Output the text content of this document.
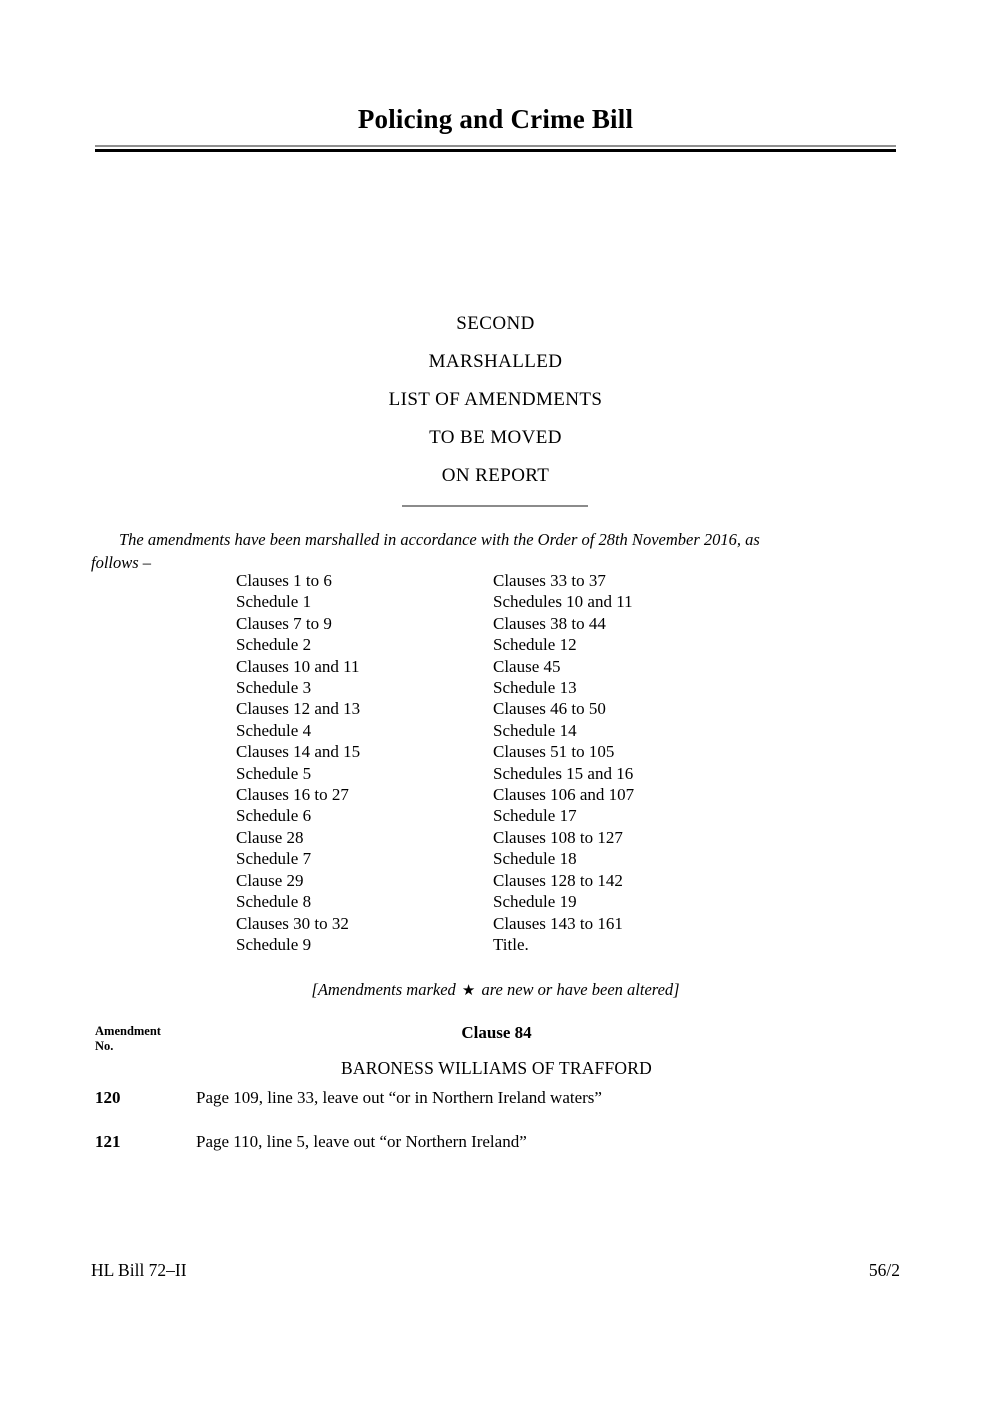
Policing and Crime Bill
SECOND
MARSHALLED
LIST OF AMENDMENTS
TO BE MOVED
ON REPORT
The amendments have been marshalled in accordance with the Order of 28th November 2016, as
follows –
Clauses 1 to 6
Schedule 1
Clauses 7 to 9
Schedule 2
Clauses 10 and 11
Schedule 3
Clauses 12 and 13
Schedule 4
Clauses 14 and 15
Schedule 5
Clauses 16 to 27
Schedule 6
Clause 28
Schedule 7
Clause 29
Schedule 8
Clauses 30 to 32
Schedule 9
Clauses 33 to 37
Schedules 10 and 11
Clauses 38 to 44
Schedule 12
Clause 45
Schedule 13
Clauses 46 to 50
Schedule 14
Clauses 51 to 105
Schedules 15 and 16
Clauses 106 and 107
Schedule 17
Clauses 108 to 127
Schedule 18
Clauses 128 to 142
Schedule 19
Clauses 143 to 161
Title.
[Amendments marked ★ are new or have been altered]
Amendment
No.
Clause 84
BARONESS WILLIAMS OF TRAFFORD
120	Page 109, line 33, leave out “or in Northern Ireland waters”
121	Page 110, line 5, leave out “or Northern Ireland”
HL Bill 72–II	56/2
